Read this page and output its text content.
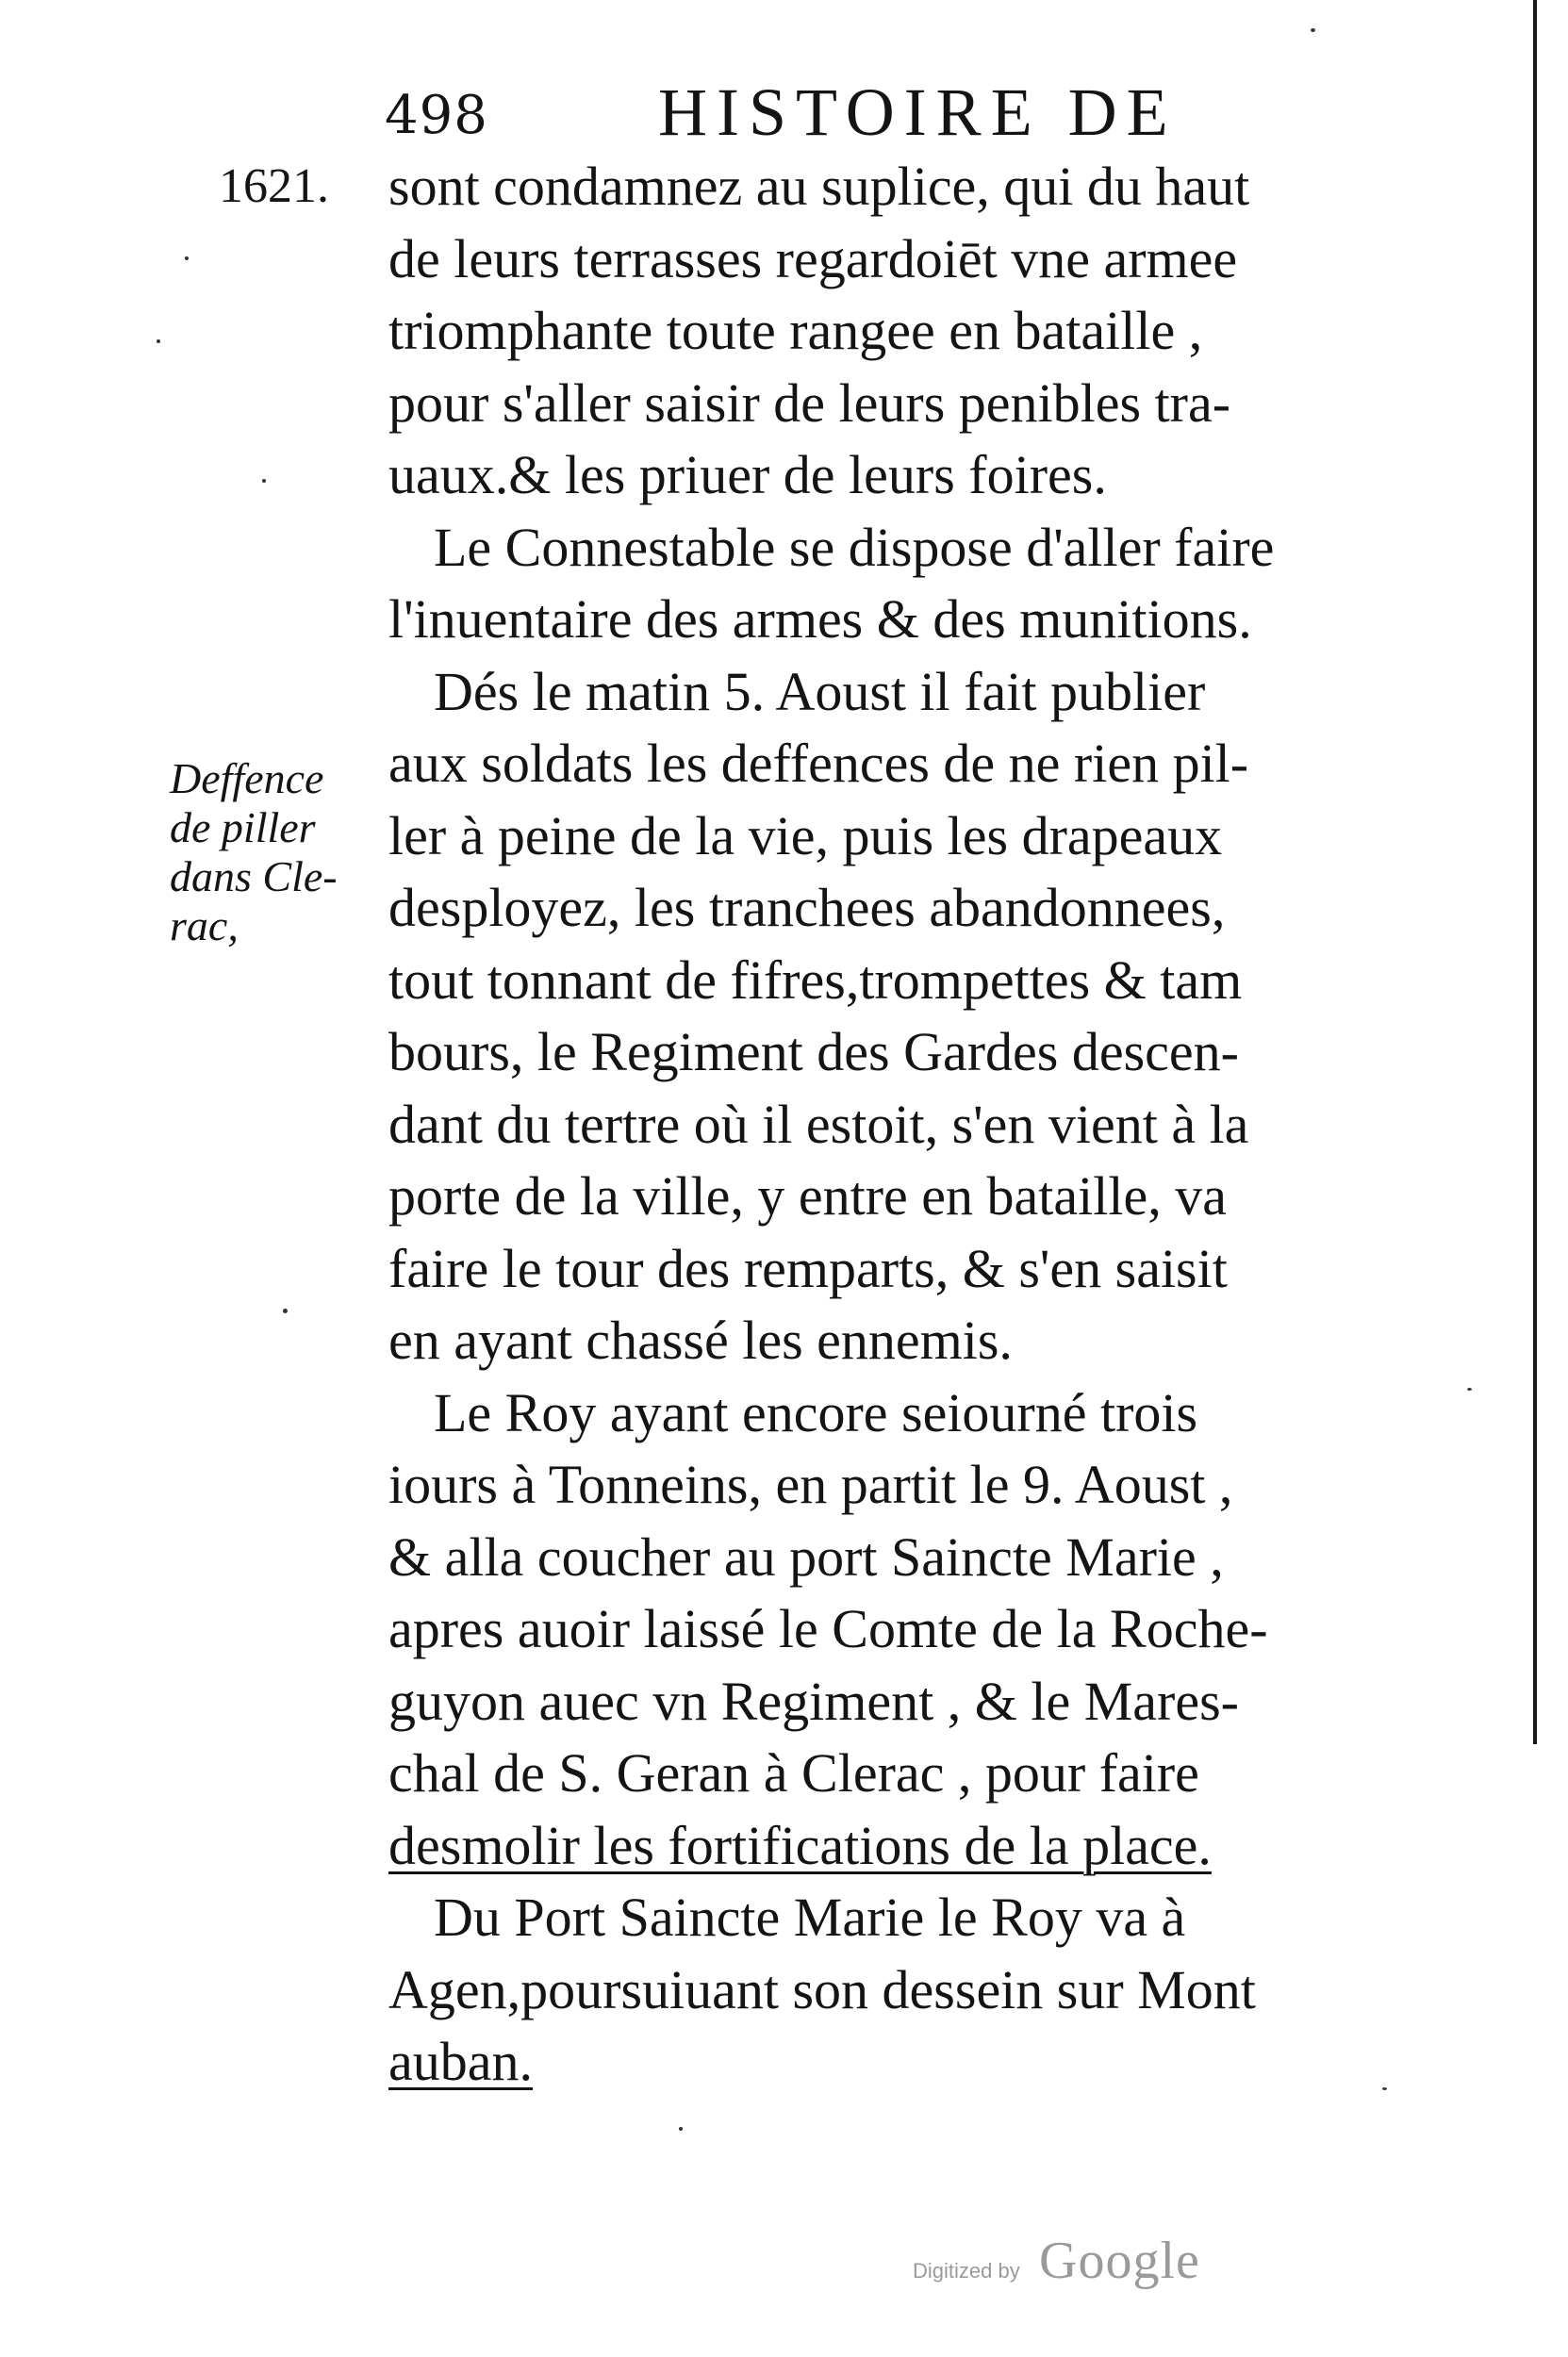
498	HISTOIRE DE
1621.
Deffence
de piller
dans Cle-
rac,
sont condamnez au suplice, qui du haut
de leurs terrasses regardoiēt vne armee
triomphante toute rangee en bataille ,
pour s'aller saisir de leurs penibles tra-
uaux.& les priuer de leurs foires.
Le Connestable se dispose d'aller faire
l'inuentaire des armes & des munitions.
Dés le matin 5. Aoust il fait publier
aux soldats les deffences de ne rien pil-
ler à peine de la vie, puis les drapeaux
desployez, les tranchees abandonnees,
tout tonnant de fifres,trompettes & tam
bours, le Regiment des Gardes descen-
dant du tertre où il estoit, s'en vient à la
porte de la ville, y entre en bataille, va
faire le tour des remparts, & s'en saisit
en ayant chassé les ennemis.
Le Roy ayant encore seiourné trois
iours à Tonneins, en partit le 9. Aoust ,
& alla coucher au port Saincte Marie ,
apres auoir laissé le Comte de la Roche-
guyon auec vn Regiment , & le Mares-
chal de S. Geran à Clerac , pour faire
desmolir les fortifications de la place.
Du Port Saincte Marie le Roy va à
Agen,poursuiuant son dessein sur Mont
auban.
Digitized by Google
